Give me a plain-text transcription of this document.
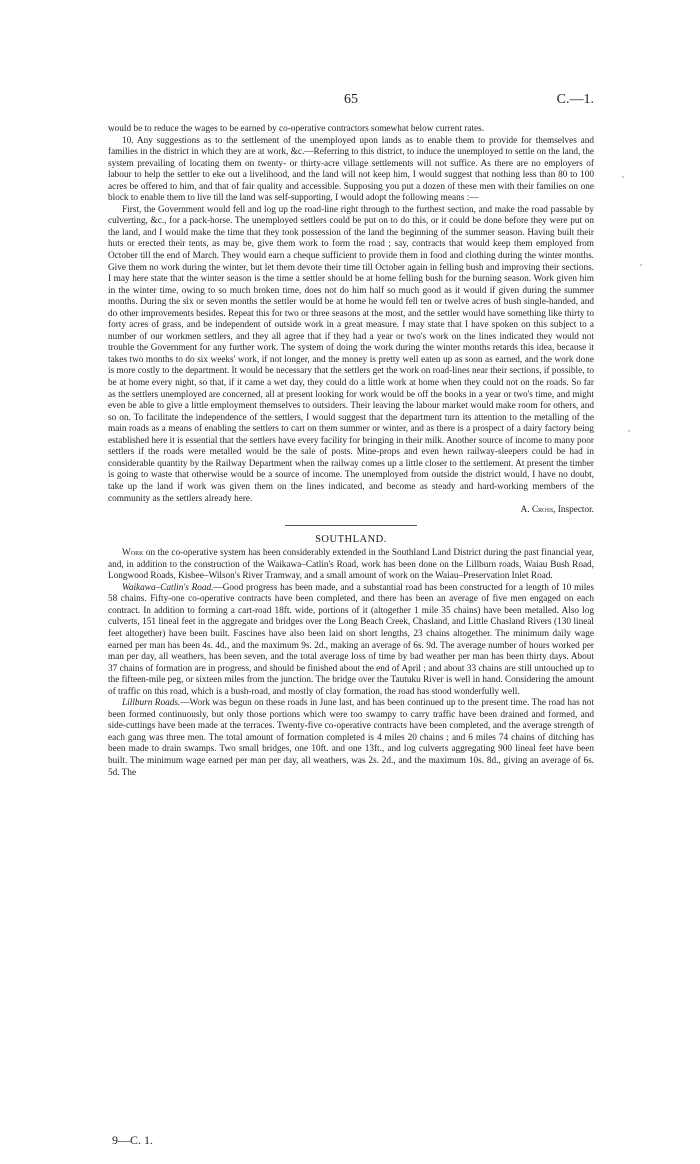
65	C.—1.

would be to reduce the wages to be earned by co-operative contractors somewhat below current rates.

10. Any suggestions as to the settlement of the unemployed upon lands as to enable them to provide for themselves and families in the district in which they are at work, &c.—Referring to this district, to induce the unemployed to settle on the land, the system prevailing of locating them on twenty- or thirty-acre village settlements will not suffice. As there are no employers of labour to help the settler to eke out a livelihood, and the land will not keep him, I would suggest that nothing less than 80 to 100 acres be offered to him, and that of fair quality and accessible. Supposing you put a dozen of these men with their families on one block to enable them to live till the land was self-supporting, I would adopt the following means :—

First, the Government would fell and log up the road-line right through to the furthest section, and make the road passable by culverting, &c., for a pack-horse. The unemployed settlers could be put on to do this, or it could be done before they were put on the land, and I would make the time that they took possession of the land the beginning of the summer season. Having built their huts or erected their tents, as may be, give them work to form the road ; say, contracts that would keep them employed from October till the end of March. They would earn a cheque sufficient to provide them in food and clothing during the winter months. Give them no work during the winter, but let them devote their time till October again in felling bush and improving their sections. I may here state that the winter season is the time a settler should be at home felling bush for the burning season. Work given him in the winter time, owing to so much broken time, does not do him half so much good as it would if given during the summer months. During the six or seven months the settler would be at home he would fell ten or twelve acres of bush single-handed, and do other improvements besides. Repeat this for two or three seasons at the most, and the settler would have something like thirty to forty acres of grass, and be independent of outside work in a great measure. I may state that I have spoken on this subject to a number of our workmen settlers, and they all agree that if they had a year or two's work on the lines indicated they would not trouble the Government for any further work. The system of doing the work during the winter months retards this idea, because it takes two months to do six weeks' work, if not longer, and the money is pretty well eaten up as soon as earned, and the work done is more costly to the department. It would be necessary that the settlers get the work on road-lines near their sections, if possible, to be at home every night, so that, if it came a wet day, they could do a little work at home when they could not on the roads. So far as the settlers unemployed are concerned, all at present looking for work would be off the books in a year or two's time, and might even be able to give a little employment themselves to outsiders. Their leaving the labour market would make room for others, and so on. To facilitate the independence of the settlers, I would suggest that the department turn its attention to the metalling of the main roads as a means of enabling the settlers to cart on them summer or winter, and as there is a prospect of a dairy factory being established here it is essential that the settlers have every facility for bringing in their milk. Another source of income to many poor settlers if the roads were metalled would be the sale of posts. Mine-props and even hewn railway-sleepers could be had in considerable quantity by the Railway Department when the railway comes up a little closer to the settlement. At present the timber is going to waste that otherwise would be a source of income. The unemployed from outside the district would, I have no doubt, take up the land if work was given them on the lines indicated, and become as steady and hard-working members of the community as the settlers already here.

A. Cross, Inspector.

SOUTHLAND.

Work on the co-operative system has been considerably extended in the Southland Land District during the past financial year, and, in addition to the construction of the Waikawa–Catlin's Road, work has been done on the Lillburn roads, Waiau Bush Road, Longwood Roads, Kisbee–Wilson's River Tramway, and a small amount of work on the Waiau–Preservation Inlet Road.

Waikawa–Catlin's Road.—Good progress has been made, and a substantial road has been constructed for a length of 10 miles 58 chains. Fifty-one co-operative contracts have been completed, and there has been an average of five men engaged on each contract. In addition to forming a cart-road 18ft. wide, portions of it (altogether 1 mile 35 chains) have been metalled. Also log culverts, 151 lineal feet in the aggregate and bridges over the Long Beach Creek, Chasland, and Little Chasland Rivers (130 lineal feet altogether) have been built. Fascines have also been laid on short lengths, 23 chains altogether. The minimum daily wage earned per man has been 4s. 4d., and the maximum 9s. 2d., making an average of 6s. 9d. The average number of hours worked per man per day, all weathers, has been seven, and the total average loss of time by bad weather per man has been thirty days. About 37 chains of formation are in progress, and should be finished about the end of April ; and about 33 chains are still untouched up to the fifteen-mile peg, or sixteen miles from the junction. The bridge over the Tautuku River is well in hand. Considering the amount of traffic on this road, which is a bush-road, and mostly of clay formation, the road has stood wonderfully well.

Lillburn Roads.—Work was begun on these roads in June last, and has been continued up to the present time. The road has not been formed continuously, but only those portions which were too swampy to carry traffic have been drained and formed, and side-cuttings have been made at the terraces. Twenty-five co-operative contracts have been completed, and the average strength of each gang was three men. The total amount of formation completed is 4 miles 20 chains ; and 6 miles 74 chains of ditching has been made to drain swamps. Two small bridges, one 10ft. and one 13ft., and log culverts aggregating 900 lineal feet have been built. The minimum wage earned per man per day, all weathers, was 2s. 2d., and the maximum 10s. 8d., giving an average of 6s. 5d. The

9—C. 1.
